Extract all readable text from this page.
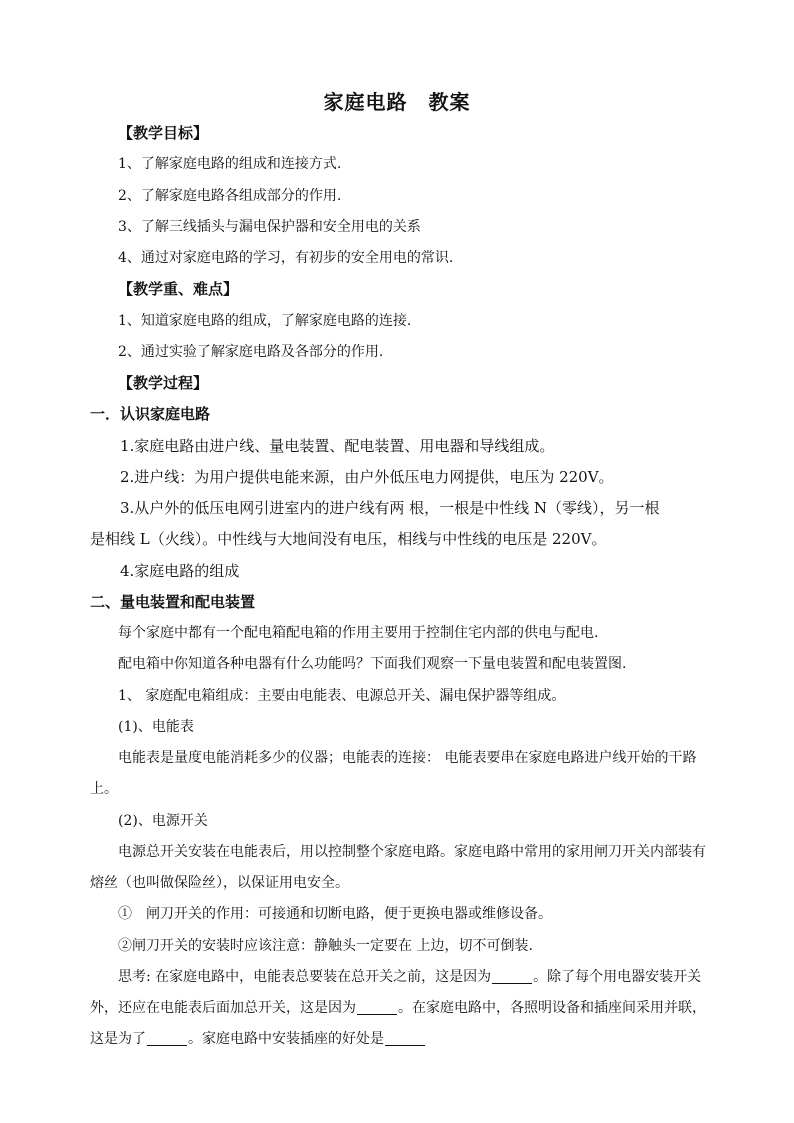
家庭电路　教案
【教学目标】
1、了解家庭电路的组成和连接方式.
2、了解家庭电路各组成部分的作用.
3、了解三线插头与漏电保护器和安全用电的关系
4、通过对家庭电路的学习，有初步的安全用电的常识.
【教学重、难点】
1、知道家庭电路的组成，了解家庭电路的连接.
2、通过实验了解家庭电路及各部分的作用.
【教学过程】
一．认识家庭电路
1.家庭电路由进户线、量电装置、配电装置、用电器和导线组成。
2.进户线：为用户提供电能来源，由户外低压电力网提供，电压为 220V。
3.从户外的低压电网引进室内的进户线有两 根，一根是中性线 N（零线），另一根
是相线 L（火线）。中性线与大地间没有电压，相线与中性线的电压是 220V。
4.家庭电路的组成
二、量电装置和配电装置
每个家庭中都有一个配电箱配电箱的作用主要用于控制住宅内部的供电与配电.
配电箱中你知道各种电器有什么功能吗？下面我们观察一下量电装置和配电装置图.
1、 家庭配电箱组成：主要由电能表、电源总开关、漏电保护器等组成。
(1)、电能表
电能表是量度电能消耗多少的仪器；电能表的连接： 电能表要串在家庭电路进户线开始的干路
上。
(2)、电源开关
电源总开关安装在电能表后，用以控制整个家庭电路。家庭电路中常用的家用闸刀开关内部装有
熔丝（也叫做保险丝），以保证用电安全。
①　闸刀开关的作用：可接通和切断电路，便于更换电器或维修设备。
②闸刀开关的安装时应该注意：静触头一定要在 上边，切不可倒装.
思考: 在家庭电路中，电能表总要装在总开关之前，这是因为	。除了每个用电器安装开关
外，还应在电能表后面加总开关，这是因为	。在家庭电路中，各照明设备和插座间采用并联，
这是为了	。家庭电路中安装插座的好处是
